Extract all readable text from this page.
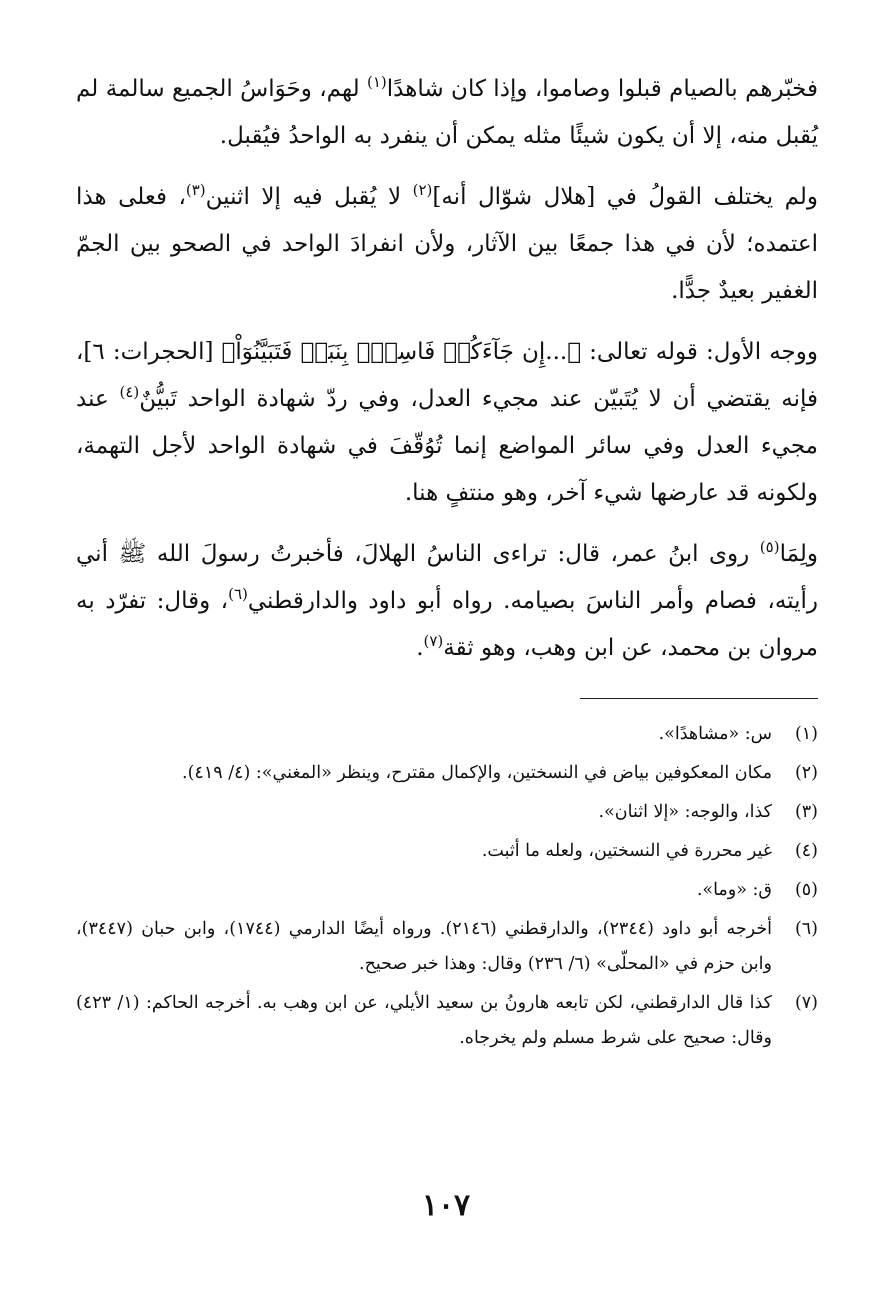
فخبّرهم بالصيام قبلوا وصاموا، وإذا كان شاهدًا$^{(١)}$ لهم، وحَوَاسُ الجميع سالمة لم يُقبل منه، إلا أن يكون شيئًا مثله يمكن أن ينفرد به الواحدُ فيُقبل.

ولم يختلف القولُ في [هلال شوّال أنه]$^{(٢)}$ لا يُقبل فيه إلا اثنين$^{(٣)}$، فعلى هذا اعتمده؛ لأن في هذا جمعًا بين الآثار، ولأن انفرادَ الواحد في الصحو بين الجمّ الغفير بعيدٌ جدًّا.

ووجه الأول: قوله تعالى: ﴿...إِن جَآءَكُمۡ فَاسِقُۢ بِنَبَإٖ فَتَبَيَّنُوٓاْ﴾ [الحجرات: ٦]، فإنه يقتضي أن لا يُتَبيّن عند مجيء العدل، وفي ردّ شهادة الواحد تَبيُّنٌ$^{(٤)}$ عند مجيء العدل وفي سائر المواضع إنما تُوُقّفَ في شهادة الواحد لأجل التهمة، ولكونه قد عارضها شيء آخر، وهو منتفٍ هنا.

ولِمَا$^{(٥)}$ روى ابنُ عمر، قال: تراءى الناسُ الهلالَ، فأخبرتُ رسولَ الله ﷺ أني رأيته، فصام وأمر الناسَ بصيامه. رواه أبو داود والدارقطني$^{(٦)}$، وقال: تفرّد به مروان بن محمد، عن ابن وهب، وهو ثقة$^{(٧)}$.

(١)
س: «مشاهدًا».
(٢)
مكان المعكوفين بياض في النسختين، والإكمال مقترح، وينظر «المغني»: (٤/ ٤١٩).
(٣)
كذا، والوجه: «إلا اثنان».
(٤)
غير محررة في النسختين، ولعله ما أثبت.
(٥)
ق: «وما».
(٦)
أخرجه أبو داود (٢٣٤٤)، والدارقطني (٢١٤٦). ورواه أيضًا الدارمي (١٧٤٤)، وابن حبان (٣٤٤٧)، وابن حزم في «المحلّى» (٦/ ٢٣٦) وقال: وهذا خبر صحيح.
(٧)
كذا قال الدارقطني، لكن تابعه هارونُ بن سعيد الأيلي، عن ابن وهب به. أخرجه الحاكم: (١/ ٤٢٣) وقال: صحيح على شرط مسلم ولم يخرجاه.
١٠٧
